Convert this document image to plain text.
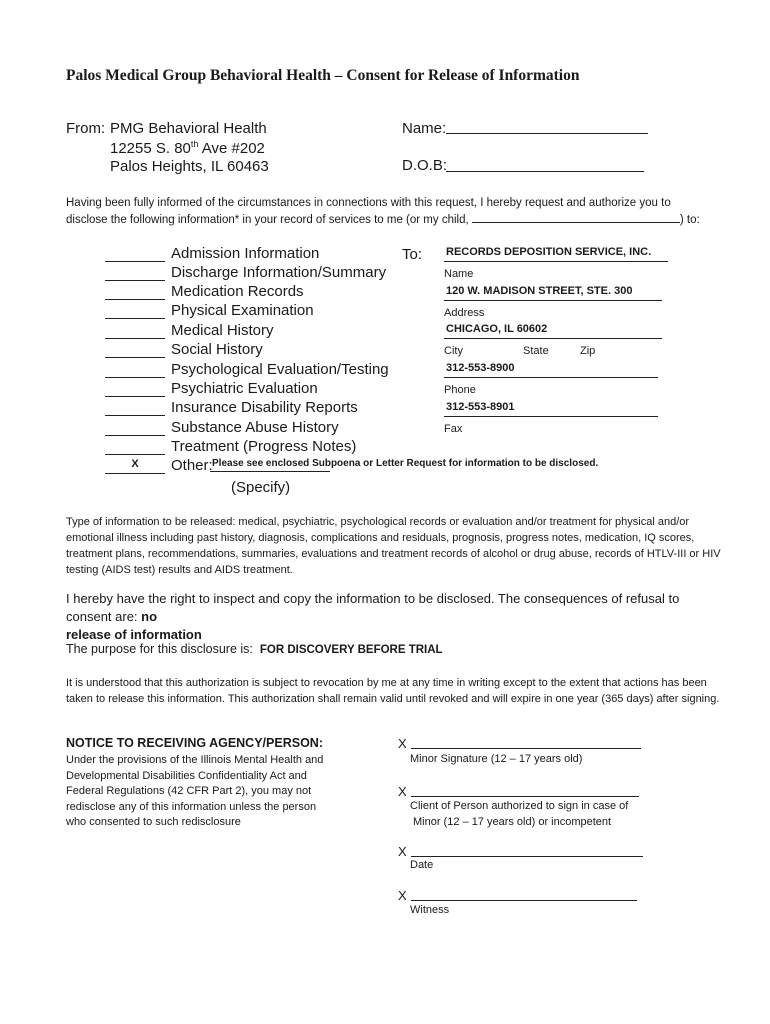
Palos Medical Group Behavioral Health – Consent for Release of Information
From: PMG Behavioral Health
12255 S. 80th Ave #202
Palos Heights, IL 60463
Name:
D.O.B:
Having been fully informed of the circumstances in connections with this request, I hereby request and authorize you to
disclose the following information* in your record of services to me (or my child,	) to:
Admission Information
Discharge Information/Summary
Medication Records
Physical Examination
Medical History
Social History
Psychological Evaluation/Testing
Psychiatric Evaluation
Insurance Disability Reports
Substance Abuse History
Treatment (Progress Notes)
X	Other: Please see enclosed Subpoena or Letter Request for information to be disclosed.
(Specify)
To: RECORDS DEPOSITION SERVICE, INC.
Name
120 W. MADISON STREET, STE. 300
Address
CHICAGO, IL 60602
City	State	Zip
312-553-8900
Phone
312-553-8901
Fax
Type of information to be released: medical, psychiatric, psychological records or evaluation and/or treatment for physical and/or
emotional illness including past history, diagnosis, complications and residuals, prognosis, progress notes, medication, IQ scores,
treatment plans, recommendations, summaries, evaluations and treatment records of alcohol or drug abuse, records of HTLV-III or HIV
testing (AIDS test) results and AIDS treatment.
I hereby have the right to inspect and copy the information to be disclosed. The consequences of refusal to consent are: no
release of information
The purpose for this disclosure is: FOR DISCOVERY BEFORE TRIAL
It is understood that this authorization is subject to revocation by me at any time in writing except to the extent that actions has been
taken to release this information. This authorization shall remain valid until revoked and will expire in one year (365 days) after signing.
NOTICE TO RECEIVING AGENCY/PERSON:
Under the provisions of the Illinois Mental Health and
Developmental Disabilities Confidentiality Act and
Federal Regulations (42 CFR Part 2), you may not
redisclose any of this information unless the person
who consented to such redisclosure
X
Minor Signature (12 – 17 years old)
X
Client of Person authorized to sign in case of
Minor (12 – 17 years old) or incompetent
X
Date
X
Witness
